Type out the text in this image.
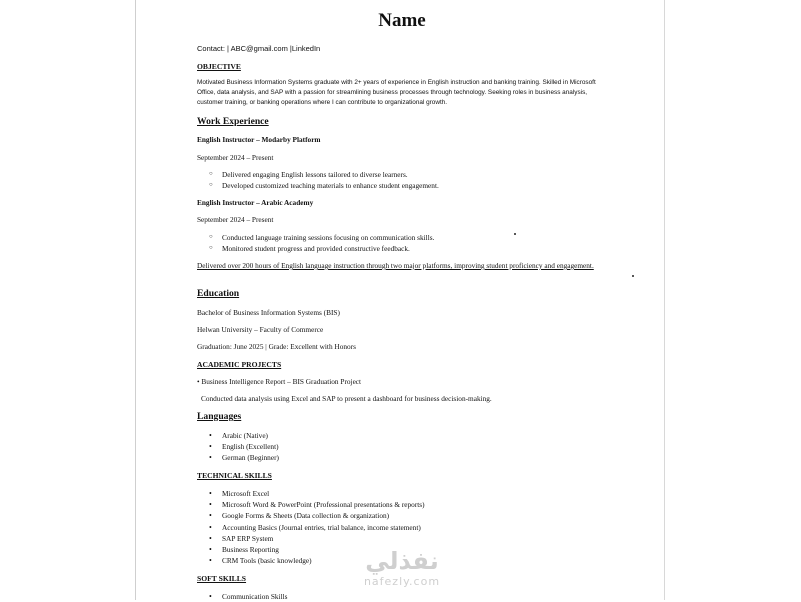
Name
Contact: | ABC@gmail.com |LinkedIn
OBJECTIVE
Motivated Business Information Systems graduate with 2+ years of experience in English instruction and banking training. Skilled in Microsoft Office, data analysis, and SAP with a passion for streamlining business processes through technology. Seeking roles in business analysis, customer training, or banking operations where I can contribute to organizational growth.
Work Experience
English Instructor – Modarby Platform
September 2024 – Present
○ Delivered engaging English lessons tailored to diverse learners.
○ Developed customized teaching materials to enhance student engagement.
English Instructor – Arabic Academy
September 2024 – Present
○ Conducted language training sessions focusing on communication skills.
○ Monitored student progress and provided constructive feedback.
Delivered over 200 hours of English language instruction through two major platforms, improving student proficiency and engagement.
Education
Bachelor of Business Information Systems (BIS)
Helwan University – Faculty of Commerce
Graduation: June 2025 | Grade: Excellent with Honors
ACADEMIC PROJECTS
• Business Intelligence Report – BIS Graduation Project
Conducted data analysis using Excel and SAP to present a dashboard for business decision-making.
Languages
• Arabic (Native)
• English (Excellent)
• German (Beginner)
TECHNICAL SKILLS
• Microsoft Excel
• Microsoft Word & PowerPoint (Professional presentations & reports)
• Google Forms & Sheets (Data collection & organization)
• Accounting Basics (Journal entries, trial balance, income statement)
• SAP ERP System
• Business Reporting
• CRM Tools (basic knowledge)
SOFT SKILLS
• Communication Skills
نفذلي
nafezly.com
